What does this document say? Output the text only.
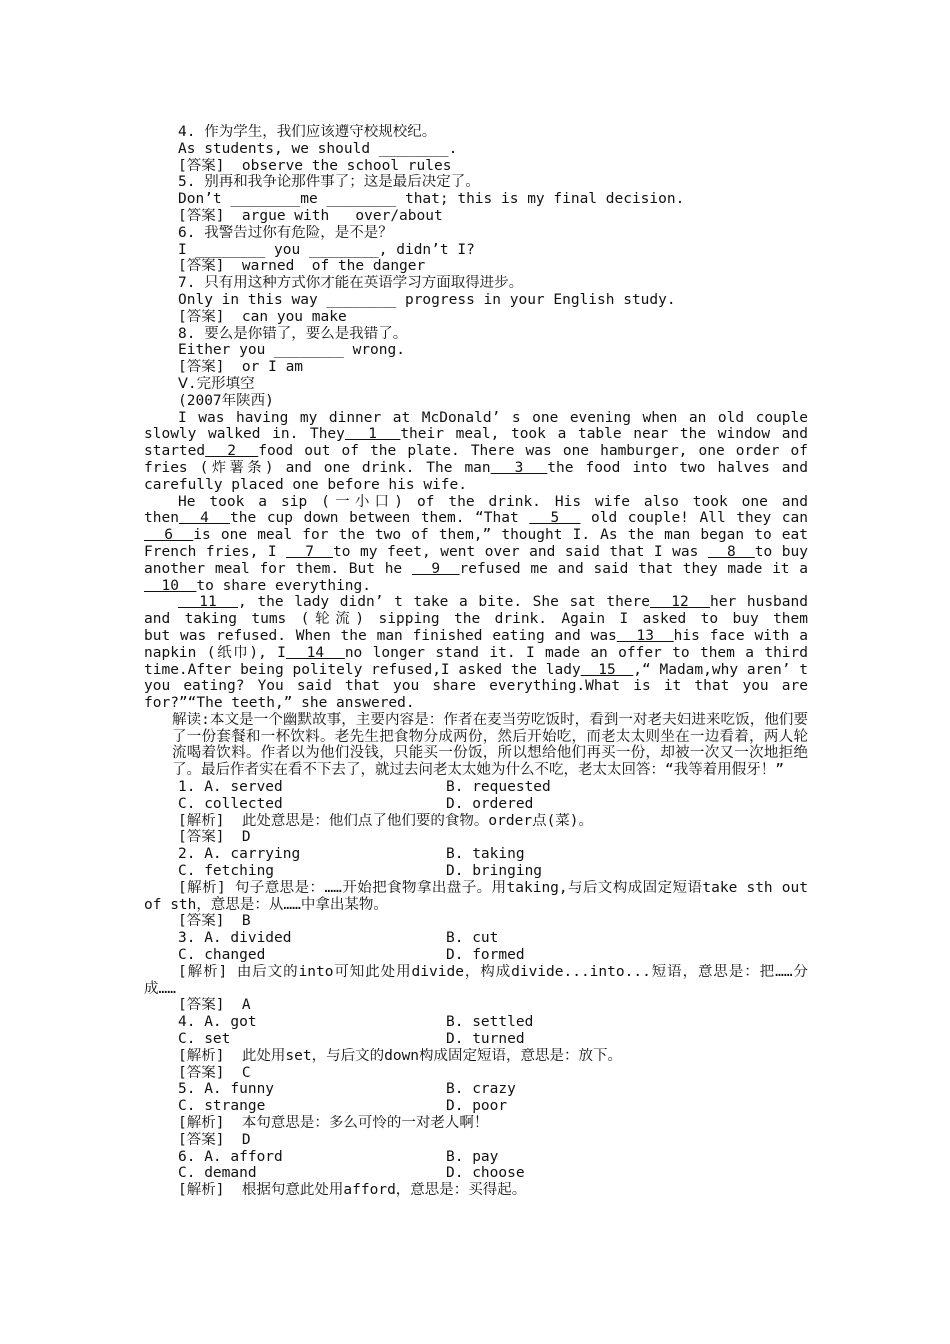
4. 作为学生，我们应该遵守校规校纪。
As students, we should ________.
[答案]  observe the school rules
5. 别再和我争论那件事了；这是最后决定了。
Don’t ________me ________ that; this is my final decision.
[答案]  argue with   over/about
6. 我警告过你有危险，是不是？
I ________ you ________, didn’t I?
[答案]  warned  of the danger
7. 只有用这种方式你才能在英语学习方面取得进步。
Only in this way ________ progress in your English study.
[答案]  can you make
8. 要么是你错了，要么是我错了。
Either you ________ wrong.
[答案]  or I am
Ⅴ.完形填空
(2007年陕西)
I was having my dinner at McDonald’ s one evening when an old couple
slowly walked in. They  1  their meal, took a table near the window and
started  2  food out of the plate. There was one hamburger, one order of
fries (炸薯条) and one drink. The man  3  the food into two halves and
carefully placed one before his wife.
He took a sip (一小口) of the drink. His wife also took one and
then  4  the cup down between them. “That   5   old couple! All they can
6  is one meal for the two of them,” thought I. As the man began to eat
French fries, I   7  to my feet, went over and said that I was   8  to buy
another meal for them. But he   9  refused me and said that they made it a
10  to share everything.
11  , the lady didn’ t take a bite. She sat there  12  her husband
and taking tums (轮流) sipping the drink. Again I asked to buy them
but was refused. When the man finished eating and was  13  his face with a
napkin (纸巾), I  14  no longer stand it. I made an offer to them a third
time.After being politely refused,I asked the lady  15  ,“ Madam,why aren’ t
you eating? You said that you share everything.What is it that you are
for?”“The teeth,” she answered.
解读:本文是一个幽默故事，主要内容是：作者在麦当劳吃饭时，看到一对老夫妇进来吃饭，他们要了一份套餐和一杯饮料。老先生把食物分成两份，然后开始吃，而老太太则坐在一边看着，两人轮流喝着饮料。作者以为他们没钱，只能买一份饭，所以想给他们再买一份，却被一次又一次地拒绝了。最后作者实在看不下去了，就过去问老太太她为什么不吃，老太太回答：“我等着用假牙！”
1. A. served	B. requested
C. collected	D. ordered
[解析]  此处意思是：他们点了他们要的食物。order点(菜)。
[答案]  D
2. A. carrying	B. taking
C. fetching	D. bringing
[解析] 句子意思是：……开始把食物拿出盘子。用taking,与后文构成固定短语take sth out of sth，意思是：从……中拿出某物。
[答案]  B
3. A. divided	B. cut
C. changed	D. formed
[解析] 由后文的into可知此处用divide，构成divide...into...短语，意思是：把……分成……
[答案]  A
4. A. got	B. settled
C. set	D. turned
[解析]  此处用set，与后文的down构成固定短语，意思是：放下。
[答案]  C
5. A. funny	B. crazy
C. strange	D. poor
[解析]  本句意思是：多么可怜的一对老人啊！
[答案]  D
6. A. afford	B. pay
C. demand	D. choose
[解析]  根据句意此处用afford，意思是：买得起。
